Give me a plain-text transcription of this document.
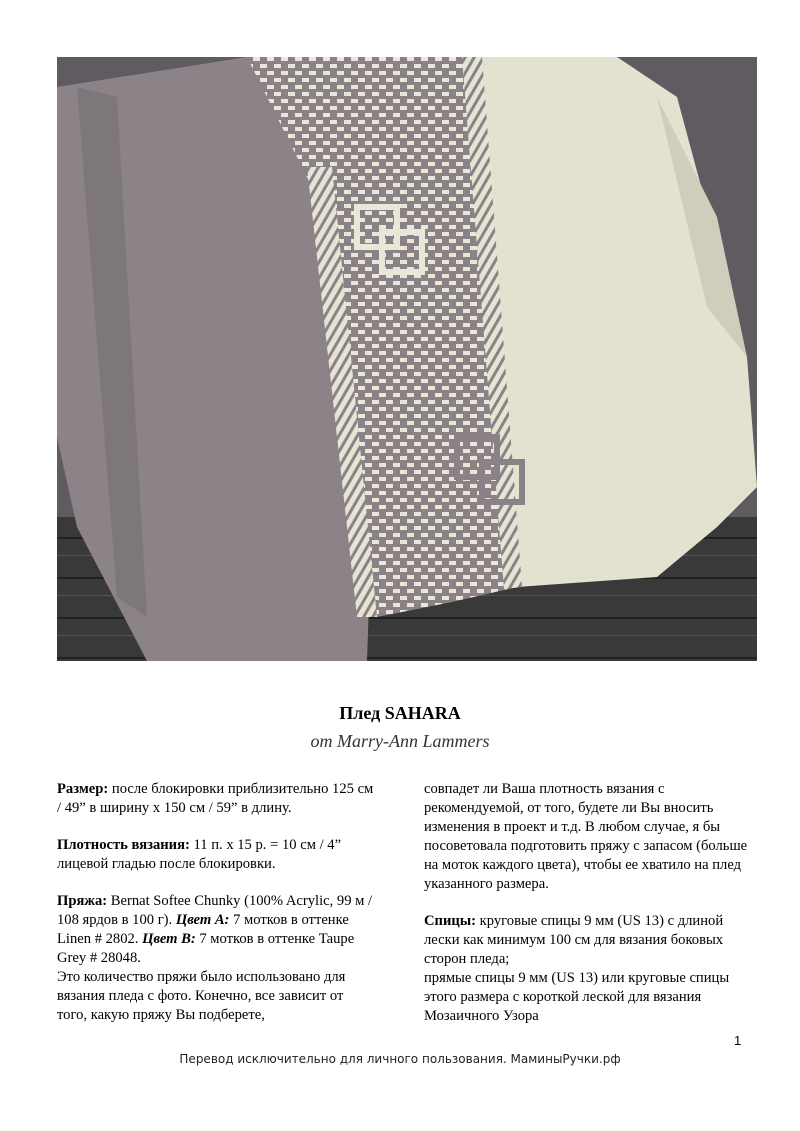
Плед SAHARA
от Marry-Ann Lammers

Размер: после блокировки приблизительно 125 см / 49” в ширину х 150 см / 59” в длину.

Плотность вязания: 11 п. х 15 р. = 10 см / 4” лицевой гладью после блокировки.

Пряжа: Bernat Softee Chunky (100% Acrylic, 99 м / 108 ярдов в 100 г). Цвет А: 7 мотков в оттенке Linen # 2802. Цвет В: 7 мотков в оттенке Taupe Grey # 28048.
Это количество пряжи было использовано для вязания пледа с фото. Конечно, все зависит от того, какую пряжу Вы подберете,

совпадет ли Ваша плотность вязания с рекомендуемой, от того, будете ли Вы вносить изменения в проект и т.д. В любом случае, я бы посоветовала подготовить пряжу с запасом (больше на моток каждого цвета), чтобы ее хватило на плед указанного размера.

Спицы: круговые спицы 9 мм (US 13) с длиной лески как минимум 100 см для вязания боковых сторон пледа;
прямые спицы 9 мм (US 13) или круговые спицы этого размера с короткой леской для вязания Мозаичного Узора

1
Перевод исключительно для личного пользования. МаминыРучки.рф
